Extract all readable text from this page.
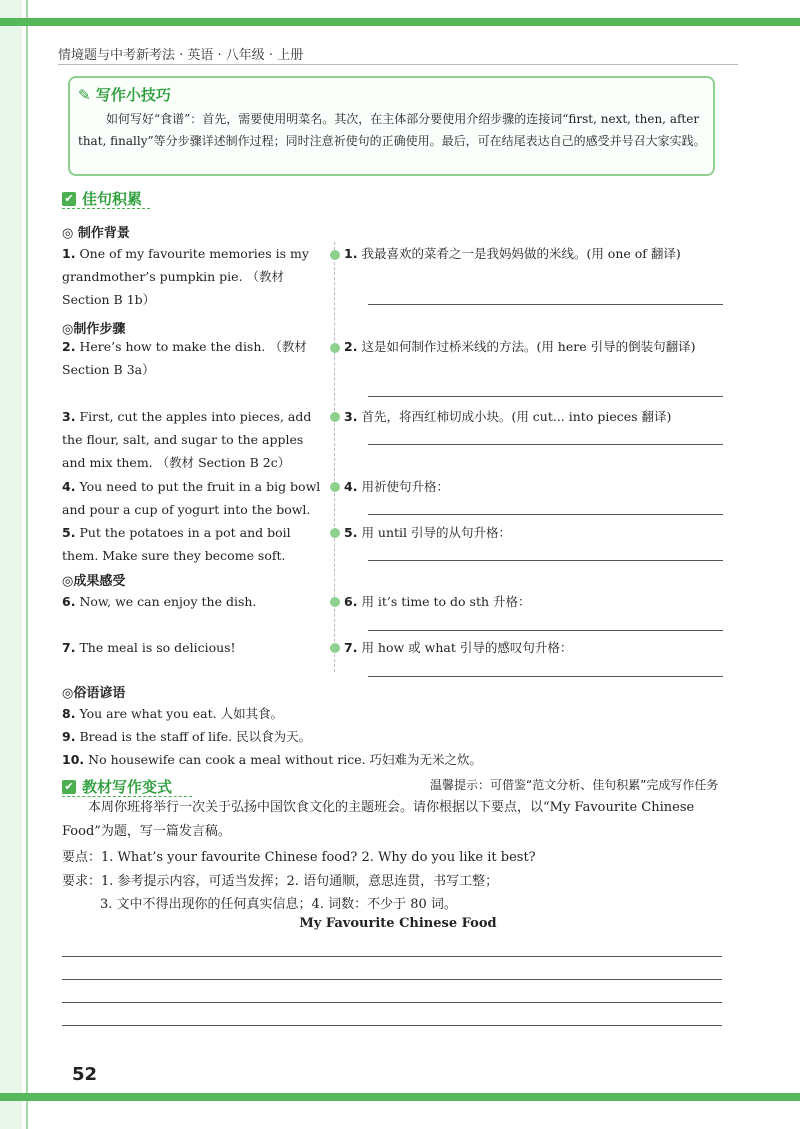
情境题与中考新考法 · 英语 · 八年级 · 上册
✎ 写作小技巧
如何写好“食谱”：首先，需要使用明菜名。其次，在主体部分要使用介绍步骤的连接词“first, next, then, after that, finally”等分步骤详述制作过程；同时注意祈使句的正确使用。最后，可在结尾表达自己的感受并号召大家实践。
✔ 佳句积累
◎ 制作背景
◎制作步骤
◎成果感受
◎俗语谚语
1. One of my favourite memories is my grandmother’s pumpkin pie. （教材 Section B 1b）
2. Here’s how to make the dish. （教材 Section B 3a）
3. First, cut the apples into pieces, add the flour, salt, and sugar to the apples and mix them. （教材 Section B 2c）
4. You need to put the fruit in a big bowl and pour a cup of yogurt into the bowl.
5. Put the potatoes in a pot and boil them. Make sure they become soft.
6. Now, we can enjoy the dish.
7. The meal is so delicious!
1. 我最喜欢的菜肴之一是我妈妈做的米线。(用 one of 翻译)
2. 这是如何制作过桥米线的方法。(用 here 引导的倒装句翻译)
3. 首先，将西红柿切成小块。(用 cut... into pieces 翻译)
4. 用祈使句升格：
5. 用 until 引导的从句升格：
6. 用 it’s time to do sth 升格：
7. 用 how 或 what 引导的感叹句升格：
8. You are what you eat. 人如其食。
9. Bread is the staff of life. 民以食为天。
10. No housewife can cook a meal without rice. 巧妇难为无米之炊。
✔ 教材写作变式	温馨提示：可借鉴“范文分析、佳句积累”完成写作任务
本周你班将举行一次关于弘扬中国饮食文化的主题班会。请你根据以下要点，以“My Favourite Chinese Food”为题，写一篇发言稿。
要点：1. What’s your favourite Chinese food? 2. Why do you like it best?
要求：1. 参考提示内容，可适当发挥；2. 语句通顺，意思连贯，书写工整；
3. 文中不得出现你的任何真实信息；4. 词数：不少于 80 词。
My Favourite Chinese Food
52
